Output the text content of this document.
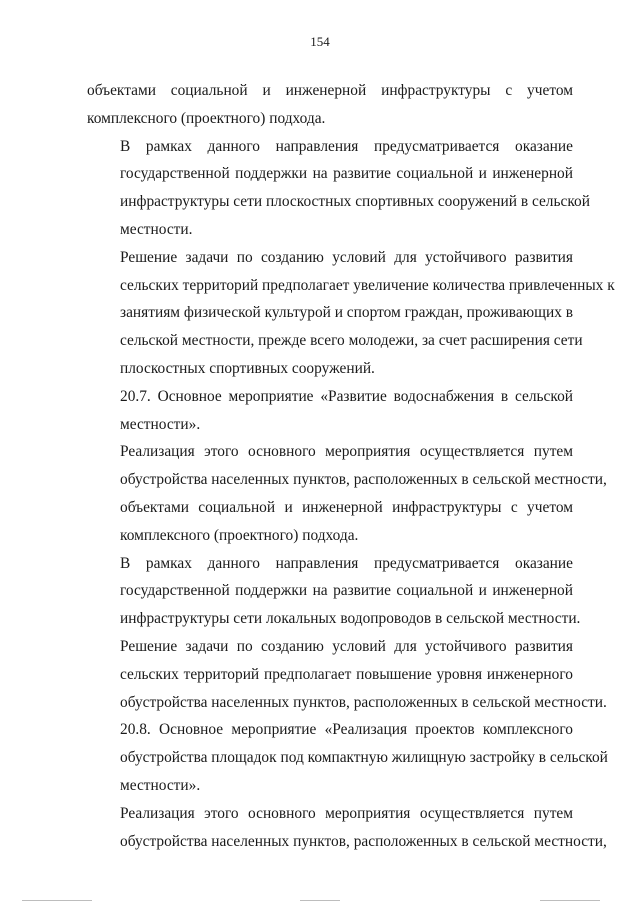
154

объектами социальной и инженерной инфраструктуры с учетом
комплексного (проектного) подхода.

В рамках данного направления предусматривается оказание
государственной поддержки на развитие социальной и инженерной
инфраструктуры сети плоскостных спортивных сооружений в сельской
местности.

Решение задачи по созданию условий для устойчивого развития
сельских территорий предполагает увеличение количества привлеченных к
занятиям физической культурой и спортом граждан, проживающих в
сельской местности, прежде всего молодежи, за счет расширения сети
плоскостных спортивных сооружений.

20.7. Основное мероприятие «Развитие водоснабжения в сельской
местности».

Реализация этого основного мероприятия осуществляется путем
обустройства населенных пунктов, расположенных в сельской местности,
объектами социальной и инженерной инфраструктуры с учетом
комплексного (проектного) подхода.

В рамках данного направления предусматривается оказание
государственной поддержки на развитие социальной и инженерной
инфраструктуры сети локальных водопроводов в сельской местности.

Решение задачи по созданию условий для устойчивого развития
сельских территорий предполагает повышение уровня инженерного
обустройства населенных пунктов, расположенных в сельской местности.

20.8. Основное мероприятие «Реализация проектов комплексного
обустройства площадок под компактную жилищную застройку в сельской
местности».

Реализация этого основного мероприятия осуществляется путем
обустройства населенных пунктов, расположенных в сельской местности,
